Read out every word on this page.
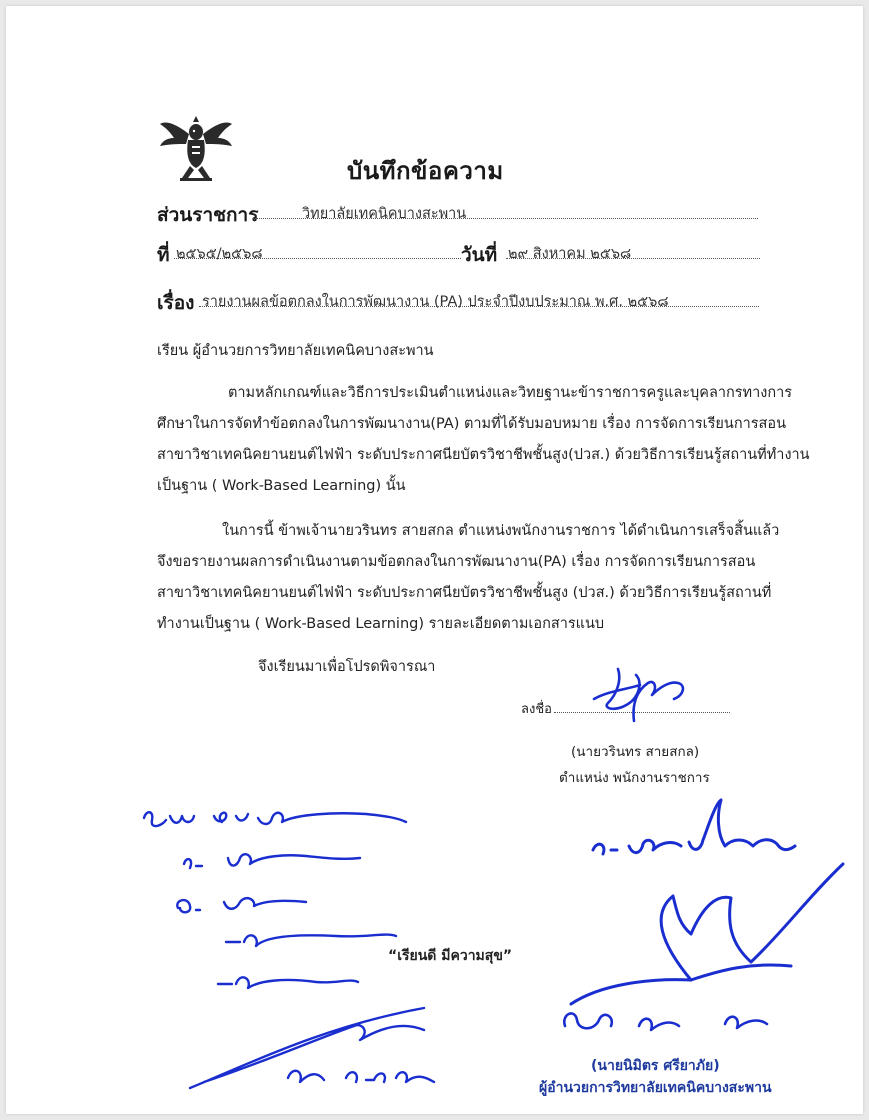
บันทึกข้อความ
ส่วนราชการ	วิทยาลัยเทคนิคบางสะพาน
ที่ ๒๕๖๕/๒๕๖๘	วันที่ ๒๙ สิงหาคม ๒๕๖๘
เรื่อง รายงานผลข้อตกลงในการพัฒนางาน (PA) ประจำปีงบประมาณ พ.ศ. ๒๕๖๘
เรียน ผู้อำนวยการวิทยาลัยเทคนิคบางสะพาน
ตามหลักเกณฑ์และวิธีการประเมินตำแหน่งและวิทยฐานะข้าราชการครูและบุคลากรทางการ
ศึกษาในการจัดทำข้อตกลงในการพัฒนางาน(PA) ตามที่ได้รับมอบหมาย เรื่อง การจัดการเรียนการสอน
สาขาวิชาเทคนิคยานยนต์ไฟฟ้า ระดับประกาศนียบัตรวิชาชีพชั้นสูง(ปวส.) ด้วยวิธีการเรียนรู้สถานที่ทำงาน
เป็นฐาน ( Work-Based Learning) นั้น
ในการนี้ ข้าพเจ้านายวรินทร สายสกล ตำแหน่งพนักงานราชการ ได้ดำเนินการเสร็จสิ้นแล้ว
จึงขอรายงานผลการดำเนินงานตามข้อตกลงในการพัฒนางาน(PA) เรื่อง การจัดการเรียนการสอน
สาขาวิชาเทคนิคยานยนต์ไฟฟ้า ระดับประกาศนียบัตรวิชาชีพชั้นสูง (ปวส.) ด้วยวิธีการเรียนรู้สถานที่
ทำงานเป็นฐาน ( Work-Based Learning) รายละเอียดตามเอกสารแนบ
จึงเรียนมาเพื่อโปรดพิจารณา
ลงชื่อ
(นายวรินทร สายสกล)
ตำแหน่ง พนักงานราชการ
“เรียนดี มีความสุข”
(นายนิมิตร ศรียาภัย)
ผู้อำนวยการวิทยาลัยเทคนิคบางสะพาน
